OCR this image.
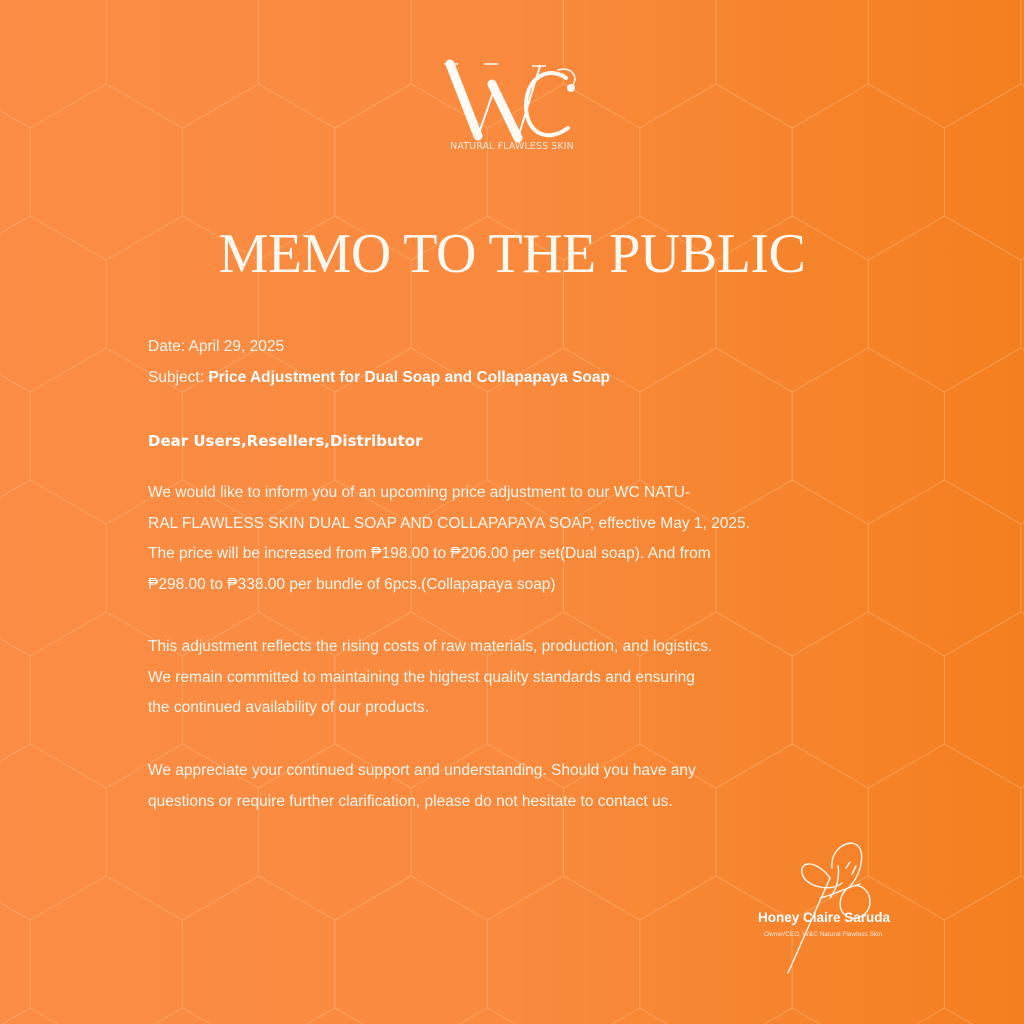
NATURAL FLAWLESS SKIN
MEMO TO THE PUBLIC
Date: April 29, 2025
Subject: Price Adjustment for Dual Soap and Collapapaya Soap
Dear Users,Resellers,Distributor
We would like to inform you of an upcoming price adjustment to our WC NATU-
RAL FLAWLESS SKIN DUAL SOAP AND COLLAPAPAYA SOAP, effective May 1, 2025.
The price will be increased from ₱198.00 to ₱206.00 per set(Dual soap). And from
₱298.00 to ₱338.00 per bundle of 6pcs.(Collapapaya soap)
This adjustment reflects the rising costs of raw materials, production, and logistics.
We remain committed to maintaining the highest quality standards and ensuring
the continued availability of our products.
We appreciate your continued support and understanding. Should you have any
questions or require further clarification, please do not hesitate to contact us.
Honey Claire Saruda
Owner/CEO, W&C Natural Flawless Skin
